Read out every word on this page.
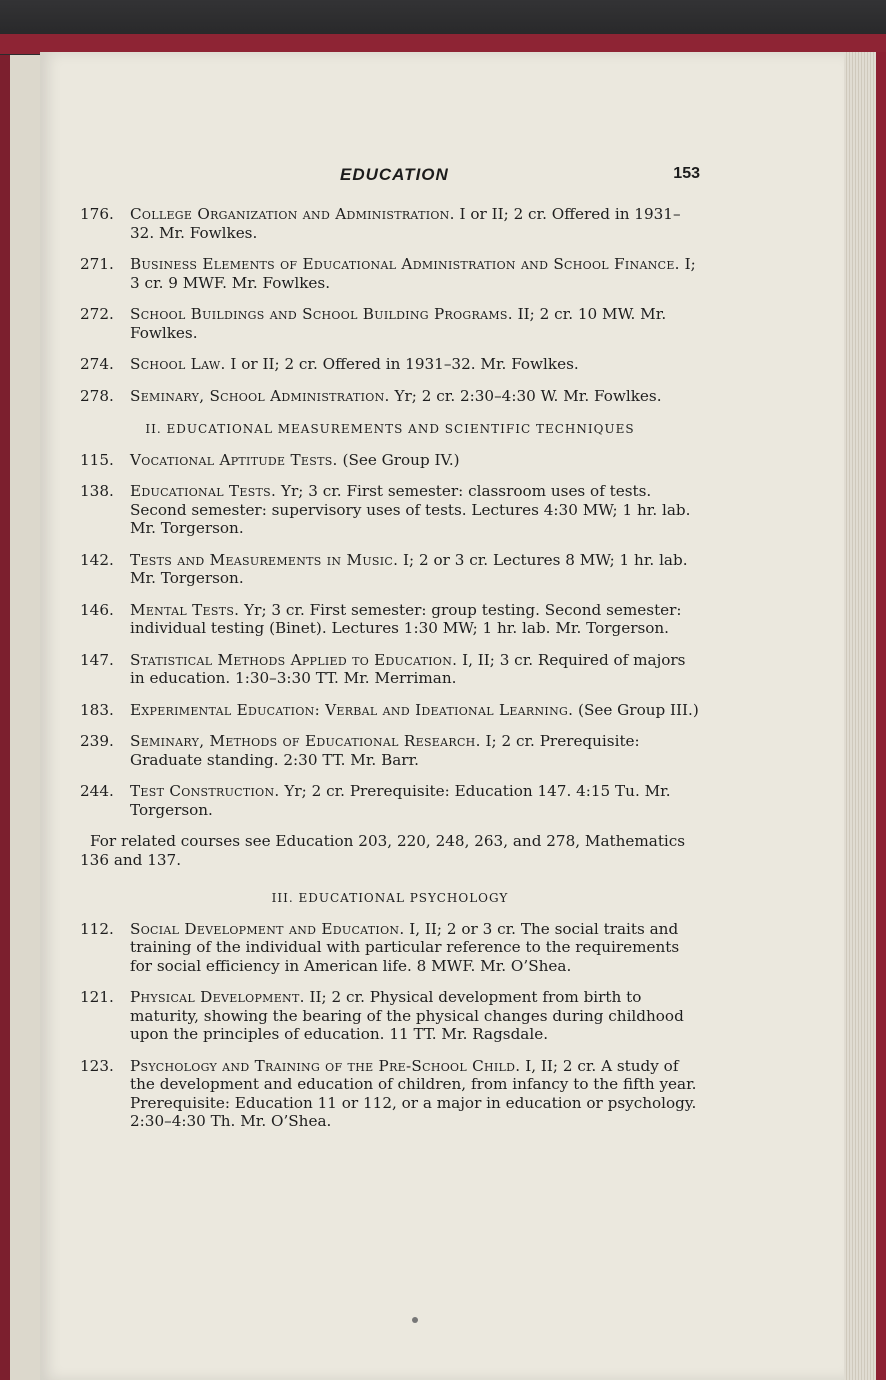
EDUCATION	153
176.	College Organization and Administration. I or II; 2 cr. Offered in 1931–32. Mr. Fowlkes.
271.	Business Elements of Educational Administration and School Finance. I; 3 cr. 9 MWF. Mr. Fowlkes.
272.	School Buildings and School Building Programs. II; 2 cr. 10 MW. Mr. Fowlkes.
274.	School Law. I or II; 2 cr. Offered in 1931–32. Mr. Fowlkes.
278.	Seminary, School Administration. Yr; 2 cr. 2:30–4:30 W. Mr. Fowlkes.
II. EDUCATIONAL MEASUREMENTS AND SCIENTIFIC TECHNIQUES
115.	Vocational Aptitude Tests. (See Group IV.)
138.	Educational Tests. Yr; 3 cr. First semester: classroom uses of tests. Second semester: supervisory uses of tests. Lectures 4:30 MW; 1 hr. lab. Mr. Torgerson.
142.	Tests and Measurements in Music. I; 2 or 3 cr. Lectures 8 MW; 1 hr. lab. Mr. Torgerson.
146.	Mental Tests. Yr; 3 cr. First semester: group testing. Second semester: individual testing (Binet). Lectures 1:30 MW; 1 hr. lab. Mr. Torgerson.
147.	Statistical Methods Applied to Education. I, II; 3 cr. Required of majors in education. 1:30–3:30 TT. Mr. Merriman.
183.	Experimental Education: Verbal and Ideational Learning. (See Group III.)
239.	Seminary, Methods of Educational Research. I; 2 cr. Prerequisite: Graduate standing. 2:30 TT. Mr. Barr.
244.	Test Construction. Yr; 2 cr. Prerequisite: Education 147. 4:15 Tu. Mr. Torgerson.
For related courses see Education 203, 220, 248, 263, and 278, Mathematics 136 and 137.
III. EDUCATIONAL PSYCHOLOGY
112.	Social Development and Education. I, II; 2 or 3 cr. The social traits and training of the individual with particular reference to the requirements for social efficiency in American life. 8 MWF. Mr. O’Shea.
121.	Physical Development. II; 2 cr. Physical development from birth to maturity, showing the bearing of the physical changes during childhood upon the principles of education. 11 TT. Mr. Ragsdale.
123.	Psychology and Training of the Pre-School Child. I, II; 2 cr. A study of the development and education of children, from infancy to the fifth year. Prerequisite: Education 11 or 112, or a major in education or psychology. 2:30–4:30 Th. Mr. O’Shea.
